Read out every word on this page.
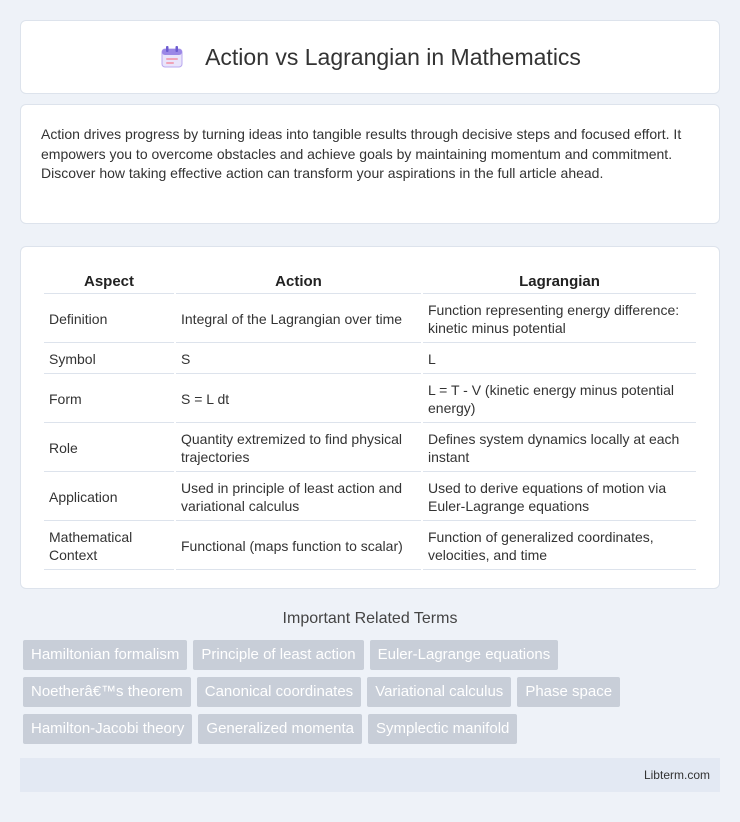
Action vs Lagrangian in Mathematics

Action drives progress by turning ideas into tangible results through decisive steps and focused effort. It empowers you to overcome obstacles and achieve goals by maintaining momentum and commitment. Discover how taking effective action can transform your aspirations in the full article ahead.

Aspect	Action	Lagrangian
Definition	Integral of the Lagrangian over time	Function representing energy difference: kinetic minus potential
Symbol	S	L
Form	S = L dt	L = T - V (kinetic energy minus potential energy)
Role	Quantity extremized to find physical trajectories	Defines system dynamics locally at each instant
Application	Used in principle of least action and variational calculus	Used to derive equations of motion via Euler-Lagrange equations
Mathematical Context	Functional (maps function to scalar)	Function of generalized coordinates, velocities, and time
Important Related Terms
Hamiltonian formalism	Principle of least action	Euler-Lagrange equations
Noetherâ€™s theorem	Canonical coordinates	Variational calculus	Phase space
Hamilton-Jacobi theory	Generalized momenta	Symplectic manifold
Libterm.com
